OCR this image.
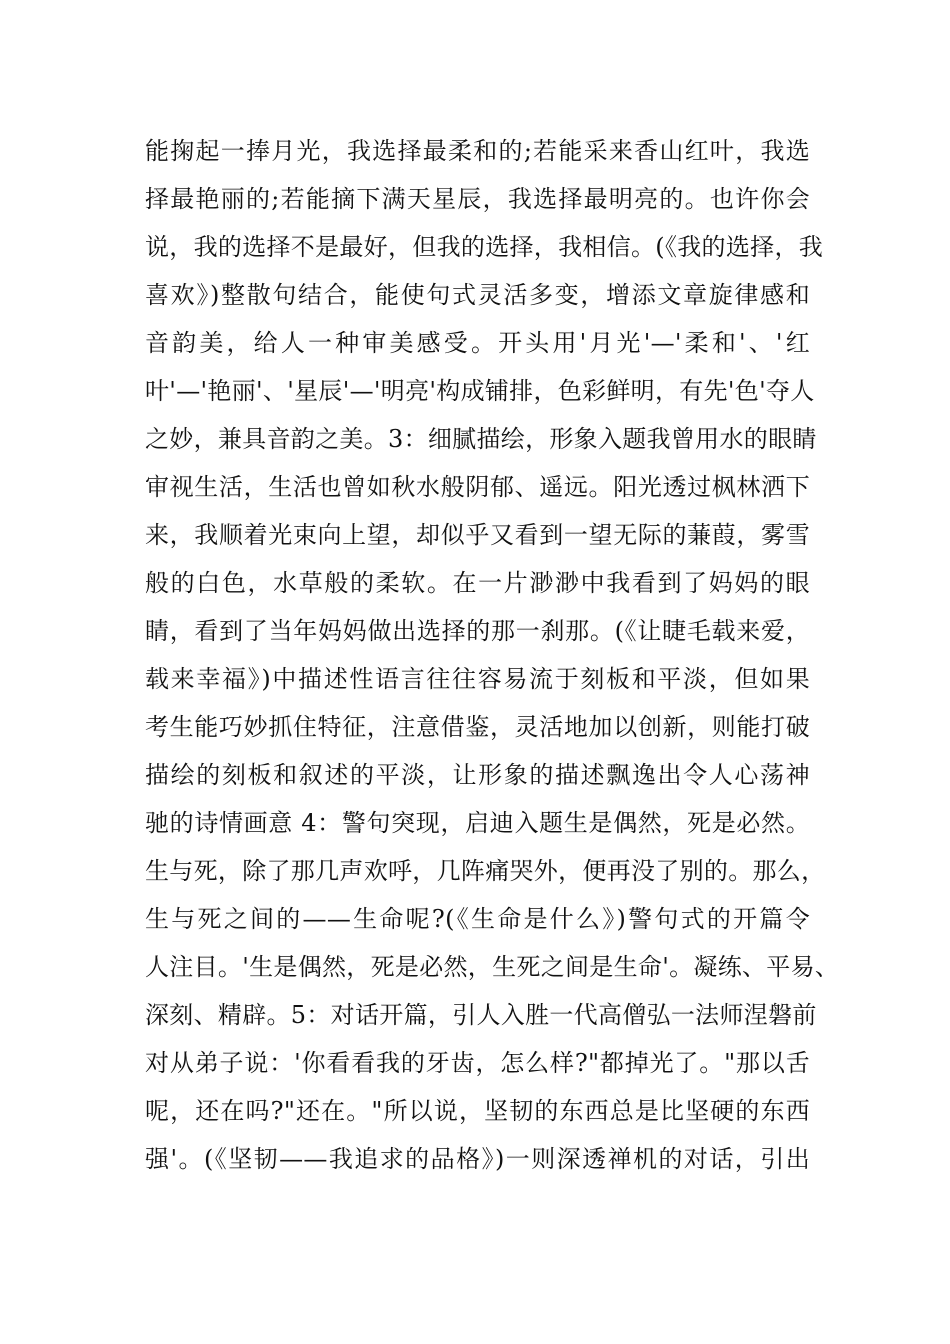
能掬起一捧月光，我选择最柔和的;若能采来香山红叶，我选
择最艳丽的;若能摘下满天星辰，我选择最明亮的。也许你会
说，我的选择不是最好，但我的选择，我相信。(《我的选择，我
喜欢》)整散句结合，能使句式灵活多变，增添文章旋律感和
音韵美，给人一种审美感受。开头用'月光'—'柔和'、'红
叶'—'艳丽'、'星辰'—'明亮'构成铺排，色彩鲜明，有先'色'夺人
之妙，兼具音韵之美。3：细腻描绘，形象入题我曾用水的眼睛
审视生活，生活也曾如秋水般阴郁、遥远。阳光透过枫林洒下
来，我顺着光束向上望，却似乎又看到一望无际的蒹葭，雾雪
般的白色，水草般的柔软。在一片渺渺中我看到了妈妈的眼
睛，看到了当年妈妈做出选择的那一刹那。(《让睫毛载来爱，
载来幸福》)中描述性语言往往容易流于刻板和平淡，但如果
考生能巧妙抓住特征，注意借鉴，灵活地加以创新，则能打破
描绘的刻板和叙述的平淡，让形象的描述飘逸出令人心荡神
驰的诗情画意 4：警句突现，启迪入题生是偶然，死是必然。
生与死，除了那几声欢呼，几阵痛哭外，便再没了别的。那么，
生与死之间的——生命呢?(《生命是什么》)警句式的开篇令
人注目。'生是偶然，死是必然，生死之间是生命'。凝练、平易、
深刻、精辟。5：对话开篇，引人入胜一代高僧弘一法师涅磐前
对从弟子说：'你看看我的牙齿，怎么样?"都掉光了。"那以舌
呢，还在吗?"还在。"所以说，坚韧的东西总是比坚硬的东西
强'。(《坚韧——我追求的品格》)一则深透禅机的对话，引出
